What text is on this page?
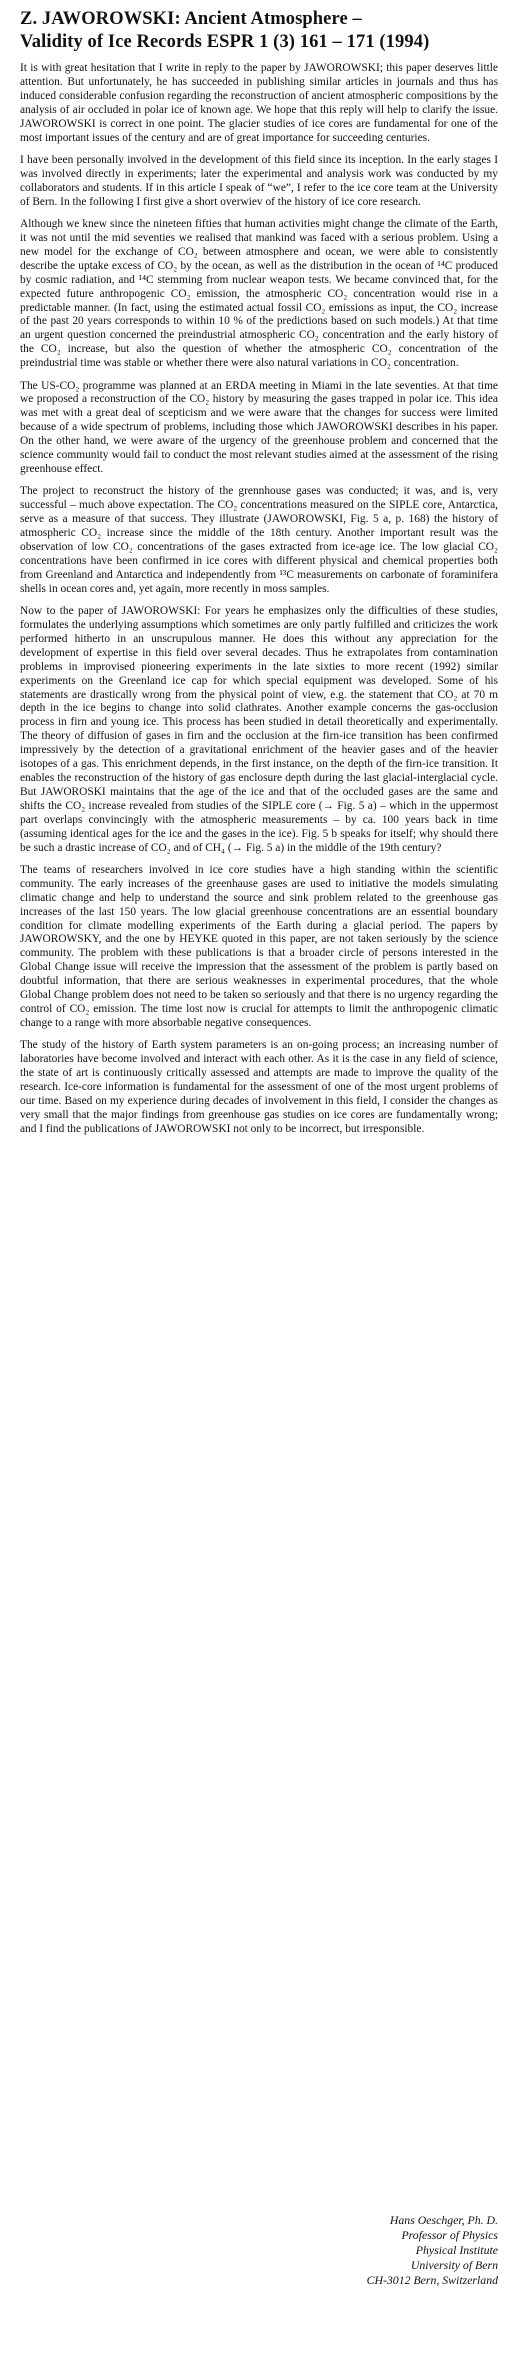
Z. JAWOROWSKI: Ancient Atmosphere –
Validity of Ice Records ESPR 1 (3) 161 – 171 (1994)

It is with great hesitation that I write in reply to the paper by JAWOROWSKI; this paper deserves little attention. But unfortunately, he has succeeded in publishing similar articles in journals and thus has induced considerable confusion regarding the reconstruction of ancient atmospheric compositions by the analysis of air occluded in polar ice of known age. We hope that this reply will help to clarify the issue. JAWOROWSKI is correct in one point. The glacier studies of ice cores are fundamental for one of the most important issues of the century and are of great importance for succeeding centuries.

I have been personally involved in the development of this field since its inception. In the early stages I was involved directly in experiments; later the experimental and analysis work was conducted by my collaborators and students. If in this article I speak of “we”, I refer to the ice core team at the University of Bern. In the following I first give a short overwiev of the history of ice core research.

Although we knew since the nineteen fifties that human activities might change the climate of the Earth, it was not until the mid seventies we realised that mankind was faced with a serious problem. Using a new model for the exchange of CO₂ between atmosphere and ocean, we were able to consistently describe the uptake excess of CO₂ by the ocean, as well as the distribution in the ocean of ¹⁴C produced by cosmic radiation, and ¹⁴C stemming from nuclear weapon tests. We became convinced that, for the expected future anthropogenic CO₂ emission, the atmospheric CO₂ concentration would rise in a predictable manner. (In fact, using the estimated actual fossil CO₂ emissions as input, the CO₂ increase of the past 20 years corresponds to within 10 % of the predictions based on such models.) At that time an urgent question concerned the preindustrial atmospheric CO₂ concentration and the early history of the CO₂ increase, but also the question of whether the atmospheric CO₂ concentration of the preindustrial time was stable or whether there were also natural variations in CO₂ concentration.

The US-CO₂ programme was planned at an ERDA meeting in Miami in the late seventies. At that time we proposed a reconstruction of the CO₂ history by measuring the gases trapped in polar ice. This idea was met with a great deal of scepticism and we were aware that the changes for success were limited because of a wide spectrum of problems, including those which JAWOROWSKI describes in his paper. On the other hand, we were aware of the urgency of the greenhouse problem and concerned that the science community would fail to conduct the most relevant studies aimed at the assessment of the rising greenhouse effect.

The project to reconstruct the history of the grennhouse gases was conducted; it was, and is, very successful – much above expectation. The CO₂ concentrations measured on the SIPLE core, Antarctica, serve as a measure of that success. They illustrate (JAWOROWSKI, Fig. 5 a, p. 168) the history of atmospheric CO₂ increase since the middle of the 18th century. Another important result was the observation of low CO₂ concentrations of the gases extracted from ice-age ice. The low glacial CO₂ concentrations have been confirmed in ice cores with different physical and chemical properties both from Greenland and Antarctica and independently from ¹³C measurements on carbonate of foraminifera shells in ocean cores and, yet again, more recently in moss samples.

Now to the paper of JAWOROWSKI: For years he emphasizes only the difficulties of these studies, formulates the underlying assumptions which sometimes are only partly fulfilled and criticizes the work performed hitherto in an unscrupulous manner. He does this without any appreciation for the development of expertise in this field over several decades. Thus he extrapolates from contamination problems in improvised pioneering experiments in the late sixties to more recent (1992) similar experiments on the Greenland ice cap for which special equipment was developed. Some of his statements are drastically wrong from the physical point of view, e.g. the statement that CO₂ at 70 m depth in the ice begins to change into solid clathrates. Another example concerns the gas-occlusion process in firn and young ice. This process has been studied in detail theoretically and experimentally. The theory of diffusion of gases in firn and the occlusion at the firn-ice transition has been confirmed impressively by the detection of a gravitational enrichment of the heavier gases and of the heavier isotopes of a gas. This enrichment depends, in the first instance, on the depth of the firn-ice transition. It enables the reconstruction of the history of gas enclosure depth during the last glacial-interglacial cycle. But JAWOROSKI maintains that the age of the ice and that of the occluded gases are the same and shifts the CO₂ increase revealed from studies of the SIPLE core (→ Fig. 5 a) – which in the uppermost part overlaps convincingly with the atmospheric measurements – by ca. 100 years back in time (assuming identical ages for the ice and the gases in the ice). Fig. 5 b speaks for itself; why should there be such a drastic increase of CO₂ and of CH₄ (→ Fig. 5 a) in the middle of the 19th century?

The teams of researchers involved in ice core studies have a high standing within the scientific community. The early increases of the greenhause gases are used to initiative the models simulating climatic change and help to understand the source and sink problem related to the greenhouse gas increases of the last 150 years. The low glacial greenhouse concentrations are an essential boundary condition for climate modelling experiments of the Earth during a glacial period. The papers by JAWOROWSKY, and the one by HEYKE quoted in this paper, are not taken seriously by the science community. The problem with these publications is that a broader circle of persons interested in the Global Change issue will receive the impression that the assessment of the problem is partly based on doubtful information, that there are serious weaknesses in experimental procedures, that the whole Global Change problem does not need to be taken so seriously and that there is no urgency regarding the control of CO₂ emission. The time lost now is crucial for attempts to limit the anthropogenic climatic change to a range with more absorbable negative consequences.

The study of the history of Earth system parameters is an on-going process; an increasing number of laboratories have become involved and interact with each other. As it is the case in any field of science, the state of art is continuously critically assessed and attempts are made to improve the quality of the research. Ice-core information is fundamental for the assessment of one of the most urgent problems of our time. Based on my experience during decades of involvement in this field, I consider the changes as very small that the major findings from greenhouse gas studies on ice cores are fundamentally wrong; and I find the publications of JAWOROWSKI not only to be incorrect, but irresponsible.

Hans Oeschger, Ph. D.
Professor of Physics
Physical Institute
University of Bern
CH-3012 Bern, Switzerland
